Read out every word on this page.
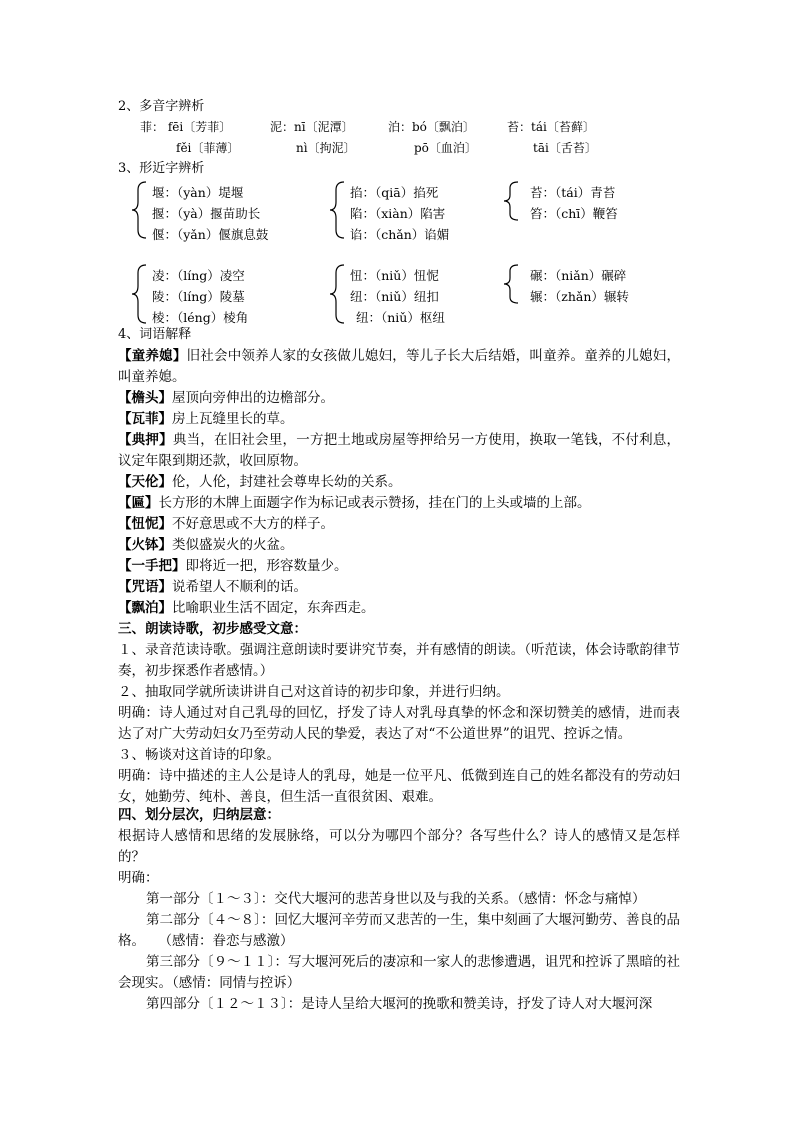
2、多音字辨析
菲： fēi〔芳菲〕	泥：nī〔泥潭〕	泊：bó〔飘泊〕	苔：tái〔苔藓〕
fěi〔菲薄〕	nì〔拘泥〕	pō〔血泊〕	tāi〔舌苔〕
3、形近字辨析
堰：（yàn）堤堰
揠：（yà）揠苗助长
偃：（yǎn）偃旗息鼓
掐：（qiā）掐死
陷：（xiàn）陷害
谄：（chǎn）谄媚
苔：（tái）青苔
笞：（chī）鞭笞
凌：（líng）凌空
陵：（líng）陵墓
棱：（léng）棱角
忸：（niǔ）忸怩
纽：（niǔ）纽扣
纽：（niǔ）枢纽
碾：（niǎn）碾碎
辗：（zhǎn）辗转
4、词语解释
【童养媳】旧社会中领养人家的女孩做儿媳妇，等儿子长大后结婚，叫童养。童养的儿媳妇，叫童养媳。
【檐头】屋顶向旁伸出的边檐部分。
【瓦菲】房上瓦缝里长的草。
【典押】典当，在旧社会里，一方把土地或房屋等押给另一方使用，换取一笔钱，不付利息，议定年限到期还款，收回原物。
【天伦】伦，人伦，封建社会尊卑长幼的关系。
【匾】长方形的木牌上面题字作为标记或表示赞扬，挂在门的上头或墙的上部。
【忸怩】不好意思或不大方的样子。
【火钵】类似盛炭火的火盆。
【一手把】即将近一把，形容数量少。
【咒语】说希望人不顺利的话。
【飘泊】比喻职业生活不固定，东奔西走。
三、朗读诗歌，初步感受文意：
１、录音范读诗歌。强调注意朗读时要讲究节奏，并有感情的朗读。（听范读，体会诗歌韵律节奏，初步探悉作者感情。）
２、抽取同学就所读讲讲自己对这首诗的初步印象，并进行归纳。
明确：诗人通过对自己乳母的回忆，抒发了诗人对乳母真挚的怀念和深切赞美的感情，进而表达了对广大劳动妇女乃至劳动人民的挚爱，表达了对“不公道世界”的诅咒、控诉之情。
３、畅谈对这首诗的印象。
明确：诗中描述的主人公是诗人的乳母，她是一位平凡、低微到连自己的姓名都没有的劳动妇女，她勤劳、纯朴、善良，但生活一直很贫困、艰难。
四、划分层次，归纳层意：
根据诗人感情和思绪的发展脉络，可以分为哪四个部分？各写些什么？诗人的感情又是怎样的？
明确：
第一部分〔１～３〕：交代大堰河的悲苦身世以及与我的关系。（感情：怀念与痛悼）
第二部分〔４～８〕：回忆大堰河辛劳而又悲苦的一生，集中刻画了大堰河勤劳、善良的品格。　　（感情：眷恋与感激）
第三部分〔９～１１〕：写大堰河死后的凄凉和一家人的悲惨遭遇，诅咒和控诉了黑暗的社会现实。（感情：同情与控诉）
第四部分〔１２～１３〕：是诗人呈给大堰河的挽歌和赞美诗，抒发了诗人对大堰河深
